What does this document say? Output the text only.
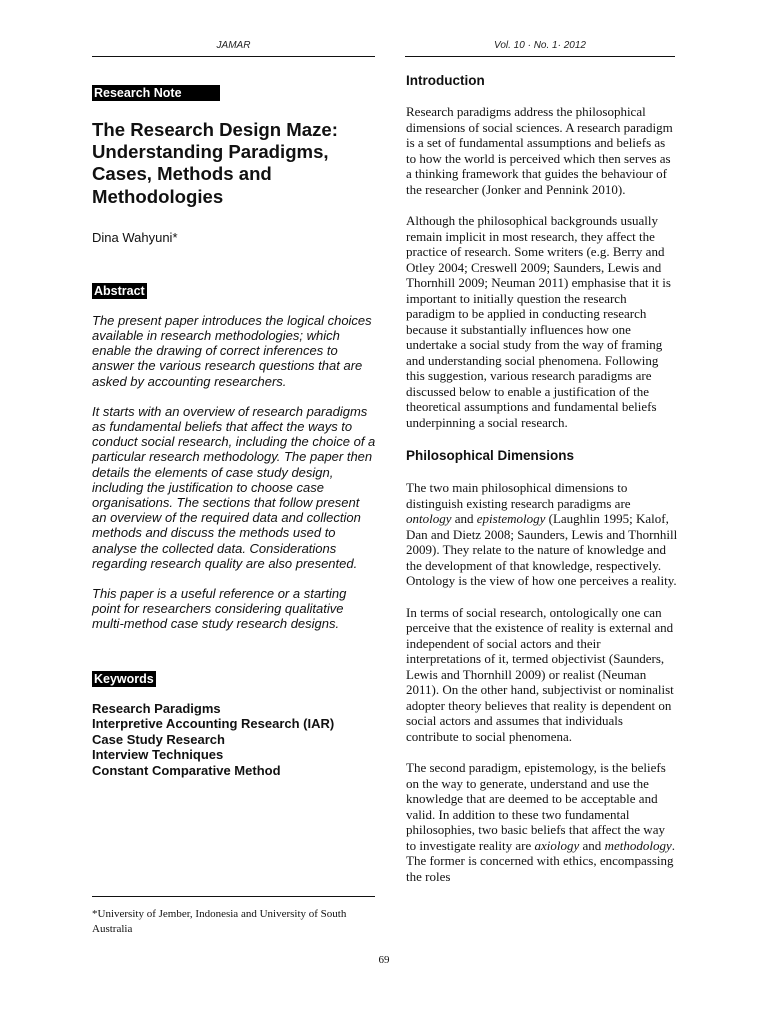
JAMAR	Vol. 10 · No. 1· 2012
Research Note
The Research Design Maze: Understanding Paradigms, Cases, Methods and Methodologies
Dina Wahyuni*
Abstract

The present paper introduces the logical choices available in research methodologies; which enable the drawing of correct inferences to answer the various research questions that are asked by accounting researchers.

It starts with an overview of research paradigms as fundamental beliefs that affect the ways to conduct social research, including the choice of a particular research methodology. The paper then details the elements of case study design, including the justification to choose case organisations. The sections that follow present an overview of the required data and collection methods and discuss the methods used to analyse the collected data. Considerations regarding research quality are also presented.

This paper is a useful reference or a starting point for researchers considering qualitative multi-method case study research designs.

Keywords
Research Paradigms
Interpretive Accounting Research (IAR)
Case Study Research
Interview Techniques
Constant Comparative Method
*University of Jember, Indonesia and University of South Australia
Introduction

Research paradigms address the philosophical dimensions of social sciences. A research paradigm is a set of fundamental assumptions and beliefs as to how the world is perceived which then serves as a thinking framework that guides the behaviour of the researcher (Jonker and Pennink 2010).

Although the philosophical backgrounds usually remain implicit in most research, they affect the practice of research. Some writers (e.g. Berry and Otley 2004; Creswell 2009; Saunders, Lewis and Thornhill 2009; Neuman 2011) emphasise that it is important to initially question the research paradigm to be applied in conducting research because it substantially influences how one undertake a social study from the way of framing and understanding social phenomena. Following this suggestion, various research paradigms are discussed below to enable a justification of the theoretical assumptions and fundamental beliefs underpinning a social research.

Philosophical Dimensions

The two main philosophical dimensions to distinguish existing research paradigms are ontology and epistemology (Laughlin 1995; Kalof, Dan and Dietz 2008; Saunders, Lewis and Thornhill 2009). They relate to the nature of knowledge and the development of that knowledge, respectively. Ontology is the view of how one perceives a reality.

In terms of social research, ontologically one can perceive that the existence of reality is external and independent of social actors and their interpretations of it, termed objectivist (Saunders, Lewis and Thornhill 2009) or realist (Neuman 2011). On the other hand, subjectivist or nominalist adopter theory believes that reality is dependent on social actors and assumes that individuals contribute to social phenomena.

The second paradigm, epistemology, is the beliefs on the way to generate, understand and use the knowledge that are deemed to be acceptable and valid. In addition to these two fundamental philosophies, two basic beliefs that affect the way to investigate reality are axiology and methodology. The former is concerned with ethics, encompassing the roles

69
